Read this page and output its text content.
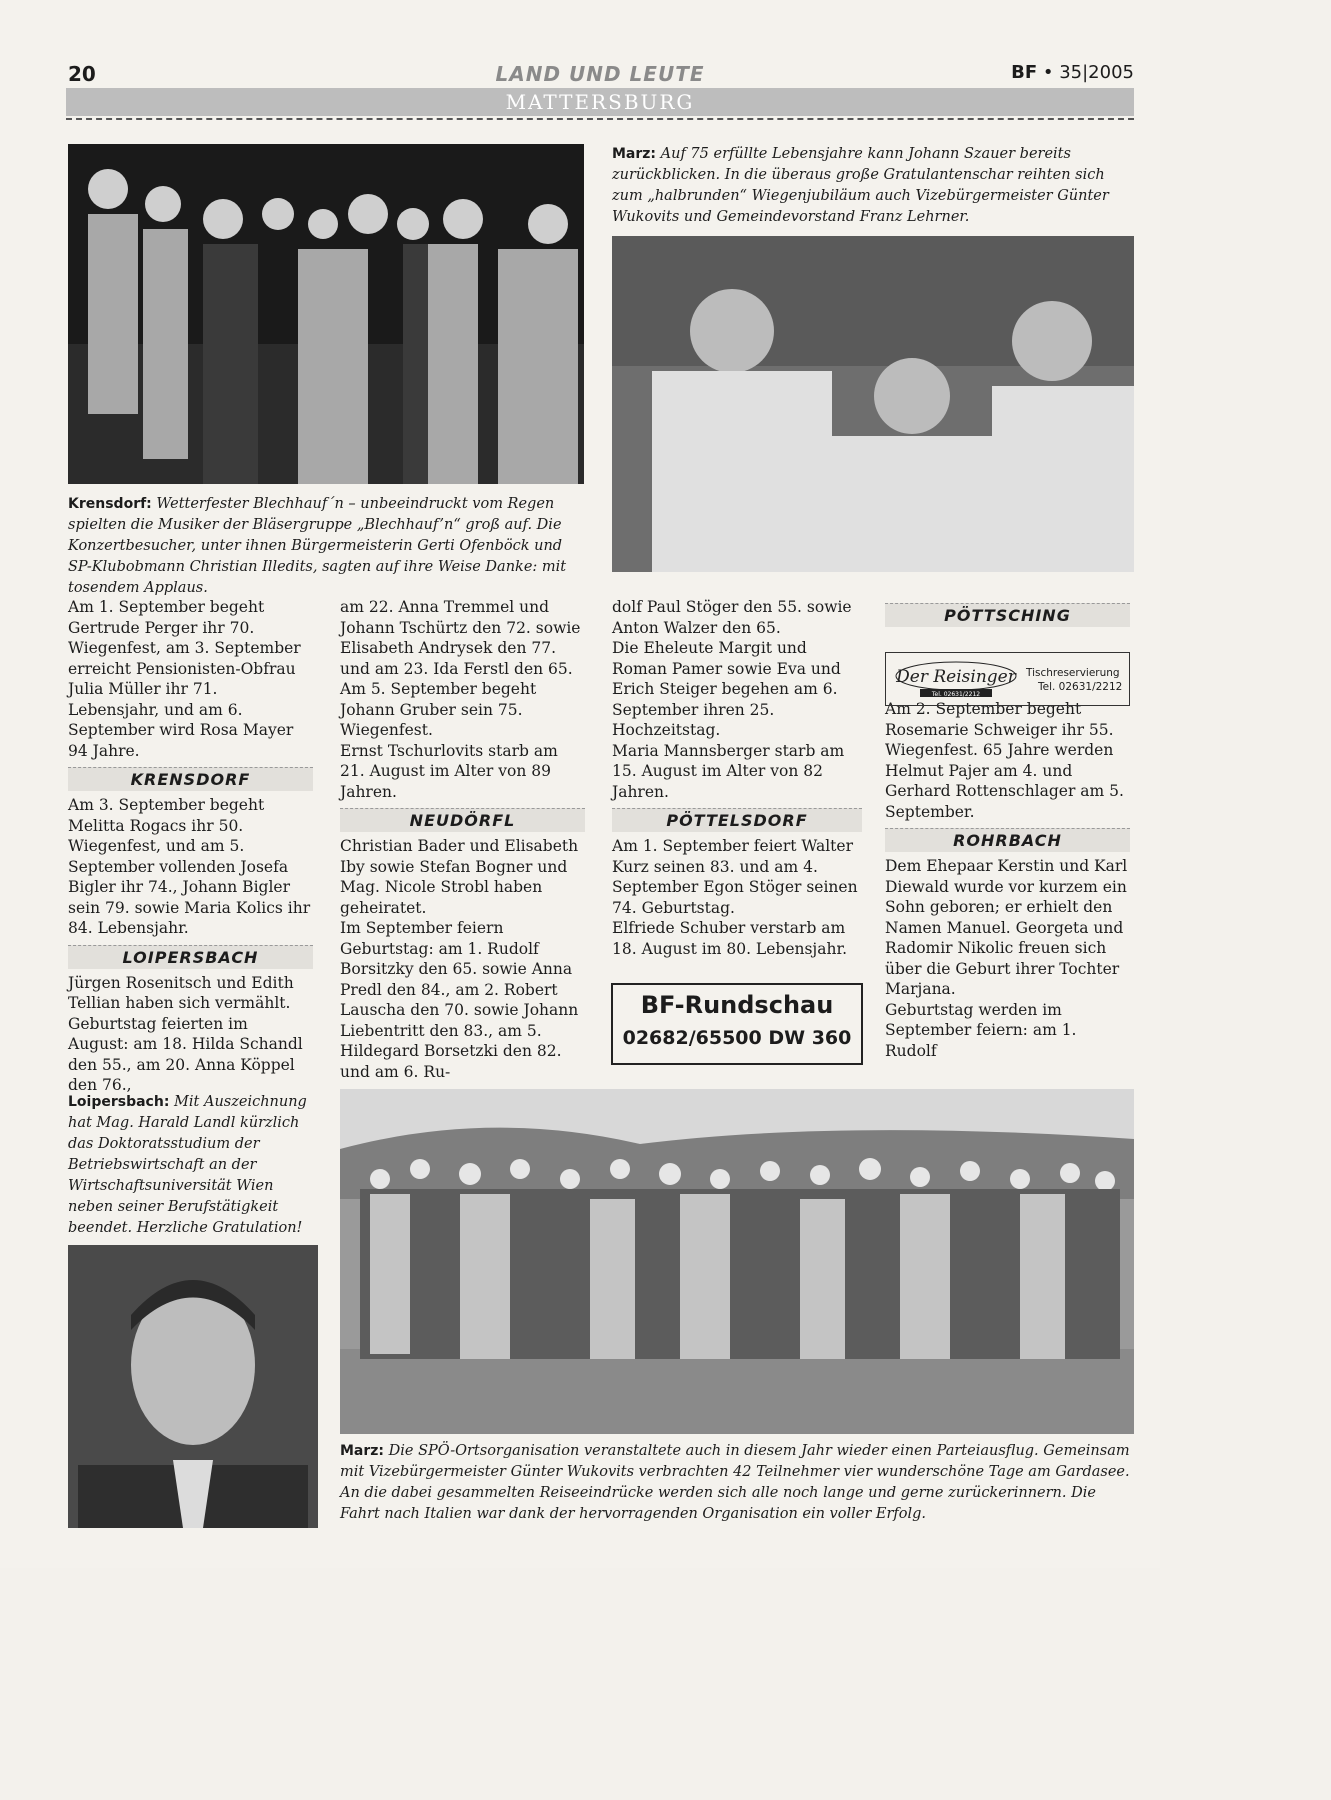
20	LAND UND LEUTE	BF • 35|2005
MATTERSBURG

Marz: Auf 75 erfüllte Lebensjahre kann Johann Szauer bereits zurückblicken. In die überaus große Gratulantenschar reihten sich zum „halbrunden“ Wiegenjubiläum auch Vizebürgermeister Günter Wukovits und Gemeindevorstand Franz Lehrner.

Krensdorf: Wetterfester Blechhauf´n – unbeeindruckt vom Regen spielten die Musiker der Bläsergruppe „Blechhauf’n“ groß auf. Die Konzertbesucher, unter ihnen Bürgermeisterin Gerti Ofenböck und SP-Klubobmann Christian Illedits, sagten auf ihre Weise Danke: mit tosendem Applaus.

Am 1. September begeht Gertrude Perger ihr 70. Wiegenfest, am 3. September erreicht Pensionisten-Obfrau Julia Müller ihr 71. Lebensjahr, und am 6. September wird Rosa Mayer 94 Jahre.

KRENSDORF

Am 3. September begeht Melitta Rogacs ihr 50. Wiegenfest, und am 5. September vollenden Josefa Bigler ihr 74., Johann Bigler sein 79. sowie Maria Kolics ihr 84. Lebensjahr.

LOIPERSBACH

Jürgen Rosenitsch und Edith Tellian haben sich vermählt. Geburtstag feierten im August: am 18. Hilda Schandl den 55., am 20. Anna Köppel den 76.,

am 22. Anna Tremmel und Johann Tschürtz den 72. sowie Elisabeth Andrysek den 77. und am 23. Ida Ferstl den 65. Am 5. September begeht Johann Gruber sein 75. Wiegenfest.

Ernst Tschurlovits starb am 21. August im Alter von 89 Jahren.

NEUDÖRFL

Christian Bader und Elisabeth Iby sowie Stefan Bogner und Mag. Nicole Strobl haben geheiratet.

Im September feiern Geburtstag: am 1. Rudolf Borsitzky den 65. sowie Anna Predl den 84., am 2. Robert Lauscha den 70. sowie Johann Liebentritt den 83., am 5. Hildegard Borsetzki den 82. und am 6. Ru-

dolf Paul Stöger den 55. sowie Anton Walzer den 65.

Die Eheleute Margit und Roman Pamer sowie Eva und Erich Steiger begehen am 6. September ihren 25. Hochzeitstag.

Maria Mannsberger starb am 15. August im Alter von 82 Jahren.

PÖTTELSDORF

Am 1. September feiert Walter Kurz seinen 83. und am 4. September Egon Stöger seinen 74. Geburtstag.

Elfriede Schuber verstarb am 18. August im 80. Lebensjahr.

BF-Rundschau
02682/65500 DW 360
PÖTTSCHING

Am 2. September begeht Rosemarie Schweiger ihr 55. Wiegenfest. 65 Jahre werden Helmut Pajer am 4. und Gerhard Rottenschlager am 5. September.

ROHRBACH

Dem Ehepaar Kerstin und Karl Diewald wurde vor kurzem ein Sohn geboren; er erhielt den Namen Manuel. Georgeta und Radomir Nikolic freuen sich über die Geburt ihrer Tochter Marjana.

Geburtstag werden im September feiern: am 1. Rudolf

Der Reisinger
Tel. 02631/2212
Tischreservierung
Tel. 02631/2212

Loipersbach: Mit Auszeichnung hat Mag. Harald Landl kürzlich das Doktoratsstudium der Betriebswirtschaft an der Wirtschaftsuniversität Wien neben seiner Berufstätigkeit beendet. Herzliche Gratulation!

Marz: Die SPÖ-Ortsorganisation veranstaltete auch in diesem Jahr wieder einen Parteiausflug. Gemeinsam mit Vizebürgermeister Günter Wukovits verbrachten 42 Teilnehmer vier wunderschöne Tage am Gardasee. An die dabei gesammelten Reiseeindrücke werden sich alle noch lange und gerne zurückerinnern. Die Fahrt nach Italien war dank der hervorragenden Organisation ein voller Erfolg.
